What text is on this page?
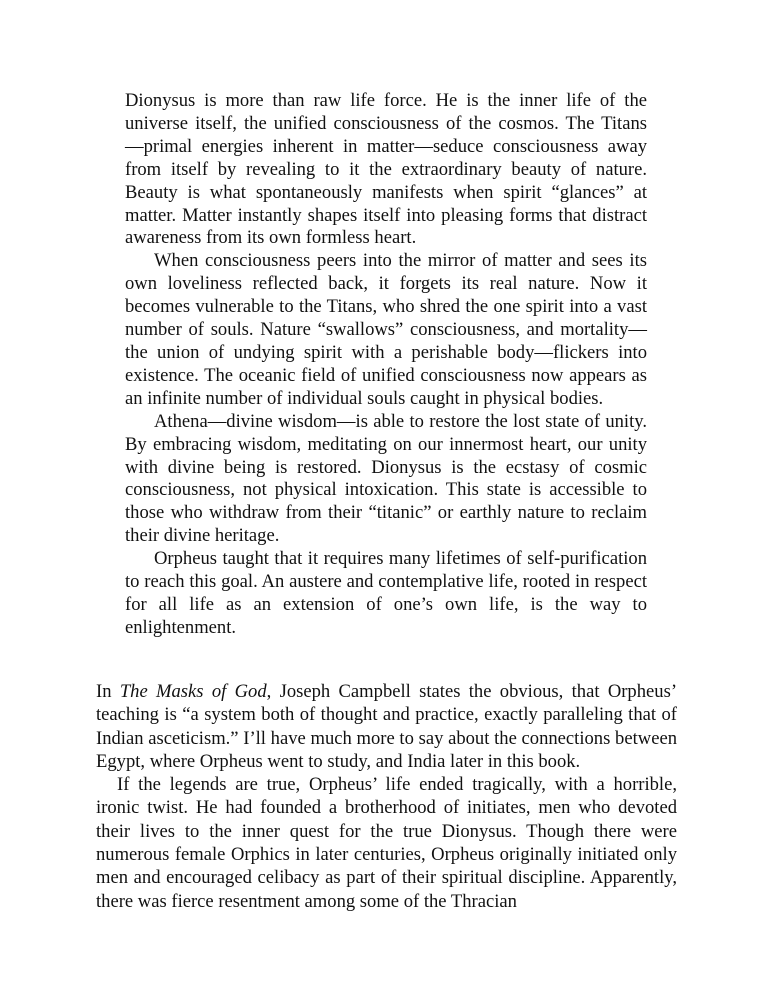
Dionysus is more than raw life force. He is the inner life of the universe itself, the unified consciousness of the cosmos. The Titans —primal energies inherent in matter—seduce consciousness away from itself by revealing to it the extraordinary beauty of nature. Beauty is what spontaneously manifests when spirit “glances” at matter. Matter instantly shapes itself into pleasing forms that distract awareness from its own formless heart.

When consciousness peers into the mirror of matter and sees its own loveliness reflected back, it forgets its real nature. Now it becomes vulnerable to the Titans, who shred the one spirit into a vast number of souls. Nature “swallows” consciousness, and mortality—the union of undying spirit with a perishable body—flickers into existence. The oceanic field of unified consciousness now appears as an infinite number of individual souls caught in physical bodies.

Athena—divine wisdom—is able to restore the lost state of unity. By embracing wisdom, meditating on our innermost heart, our unity with divine being is restored. Dionysus is the ecstasy of cosmic consciousness, not physical intoxication. This state is accessible to those who withdraw from their “titanic” or earthly nature to reclaim their divine heritage.

Orpheus taught that it requires many lifetimes of self-purification to reach this goal. An austere and contemplative life, rooted in respect for all life as an extension of one’s own life, is the way to enlightenment.

In The Masks of God, Joseph Campbell states the obvious, that Orpheus’ teaching is “a system both of thought and practice, exactly paralleling that of Indian asceticism.” I’ll have much more to say about the connections between Egypt, where Orpheus went to study, and India later in this book.

If the legends are true, Orpheus’ life ended tragically, with a horrible, ironic twist. He had founded a brotherhood of initiates, men who devoted their lives to the inner quest for the true Dionysus. Though there were numerous female Orphics in later centuries, Orpheus originally initiated only men and encouraged celibacy as part of their spiritual discipline. Apparently, there was fierce resentment among some of the Thracian
